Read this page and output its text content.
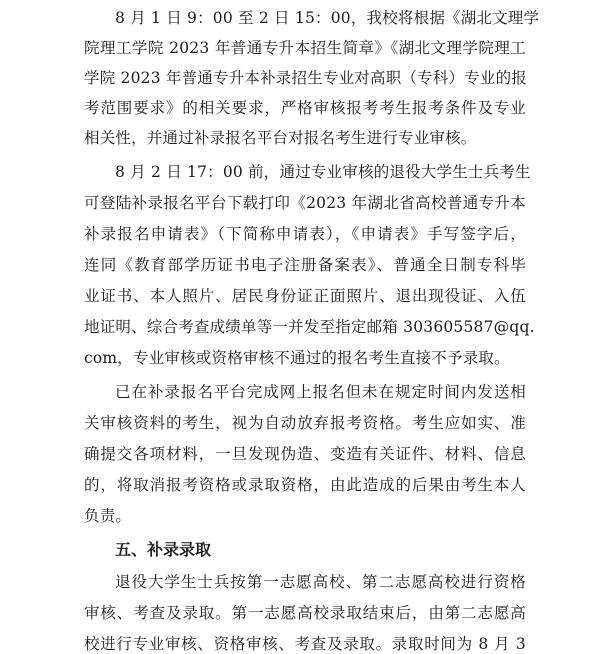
8 月 1 日 9：00 至 2 日 15：00，我校将根据《湖北文理学
院理工学院 2023 年普通专升本招生简章》《湖北文理学院理工
学院 2023 年普通专升本补录招生专业对高职（专科）专业的报
考范围要求》的相关要求，严格审核报考考生报考条件及专业
相关性，并通过补录报名平台对报名考生进行专业审核。
8 月 2 日 17：00 前，通过专业审核的退役大学生士兵考生
可登陆补录报名平台下载打印《2023 年湖北省高校普通专升本
补录报名申请表》（下简称申请表），《申请表》手写签字后，
连同《教育部学历证书电子注册备案表》、普通全日制专科毕
业证书、本人照片、居民身份证正面照片、退出现役证、入伍
地证明、综合考查成绩单等一并发至指定邮箱 303605587@qq.
com，专业审核或资格审核不通过的报名考生直接不予录取。
已在补录报名平台完成网上报名但未在规定时间内发送相
关审核资料的考生，视为自动放弃报考资格。考生应如实、准
确提交各项材料，一旦发现伪造、变造有关证件、材料、信息
的，将取消报考资格或录取资格，由此造成的后果由考生本人
负责。
五、补录录取
退役大学生士兵按第一志愿高校、第二志愿高校进行资格
审核、考查及录取。第一志愿高校录取结束后，由第二志愿高
校进行专业审核、资格审核、考查及录取。录取时间为 8 月 3
